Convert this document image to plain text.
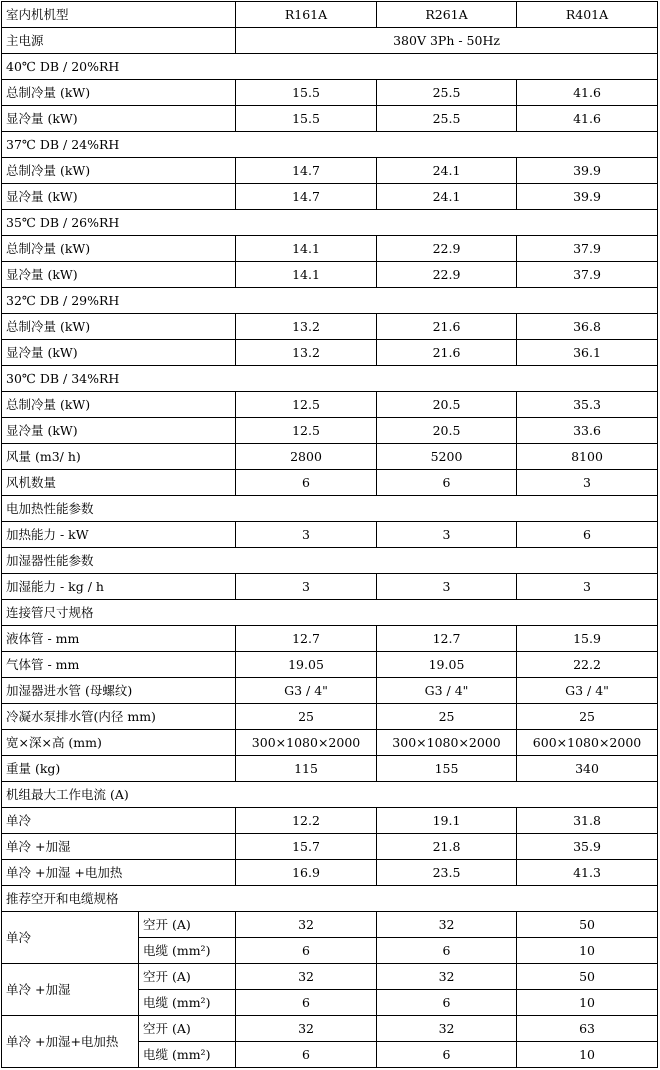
室内机机型		R161A	R261A	R401A
主电源		380V 3Ph - 50Hz		
40℃ DB / 20%RH				
总制冷量 (kW)		15.5	25.5	41.6
显冷量 (kW)		15.5	25.5	41.6
37℃ DB / 24%RH				
总制冷量 (kW)		14.7	24.1	39.9
显冷量 (kW)		14.7	24.1	39.9
35℃ DB / 26%RH				
总制冷量 (kW)		14.1	22.9	37.9
显冷量 (kW)		14.1	22.9	37.9
32℃ DB / 29%RH				
总制冷量 (kW)		13.2	21.6	36.8
显冷量 (kW)		13.2	21.6	36.1
30℃ DB / 34%RH				
总制冷量 (kW)		12.5	20.5	35.3
显冷量 (kW)		12.5	20.5	33.6
风量 (m3/ h)		2800	5200	8100
风机数量		6	6	3
电加热性能参数				
加热能力 - kW		3	3	6
加湿器性能参数				
加湿能力 - kg / h		3	3	3
连接管尺寸规格				
液体管 - mm		12.7	12.7	15.9
气体管 - mm		19.05	19.05	22.2
加湿器进水管 (母螺纹)		G3 / 4"	G3 / 4"	G3 / 4"
冷凝水泵排水管(内径 mm)		25	25	25
宽×深×高 (mm)		300×1080×2000	300×1080×2000	600×1080×2000
重量 (kg)		115	155	340
机组最大工作电流 (A)				
单冷		12.2	19.1	31.8
单冷 +加湿		15.7	21.8	35.9
单冷 +加湿 +电加热		16.9	23.5	41.3
推荐空开和电缆规格				
单冷	空开 (A)	32	32	50
	电缆 (mm²)	6	6	10
单冷 +加湿	空开 (A)	32	32	50
	电缆 (mm²)	6	6	10
单冷 +加湿+电加热	空开 (A)	32	32	63
	电缆 (mm²)	6	6	10
